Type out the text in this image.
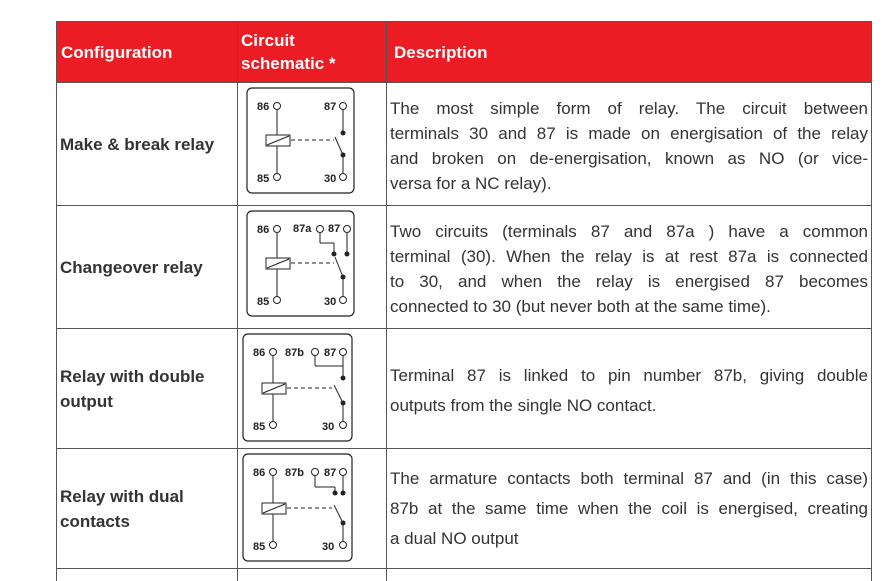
Configuration
Circuit
schematic *
Description
Make & break relay
86
85
87
30
The most simple form of relay. The circuit between
terminals 30 and 87 is made on energisation of the relay
and broken on de-energisation, known as NO (or vice-
versa for a NC relay).
Changeover relay
86
85
87a 87
30
Two circuits (terminals 87 and 87a ) have a common
terminal (30). When the relay is at rest 87a is connected
to 30, and when the relay is energised 87 becomes
connected to 30 (but never both at the same time).
Relay with double
output
86
85
87b 87
30
Terminal 87 is linked to pin number 87b, giving double
outputs from the single NO contact.
Relay with dual
contacts
86
85
87b 87
30
The armature contacts both terminal 87 and (in this case)
87b at the same time when the coil is energised, creating
a dual NO output
